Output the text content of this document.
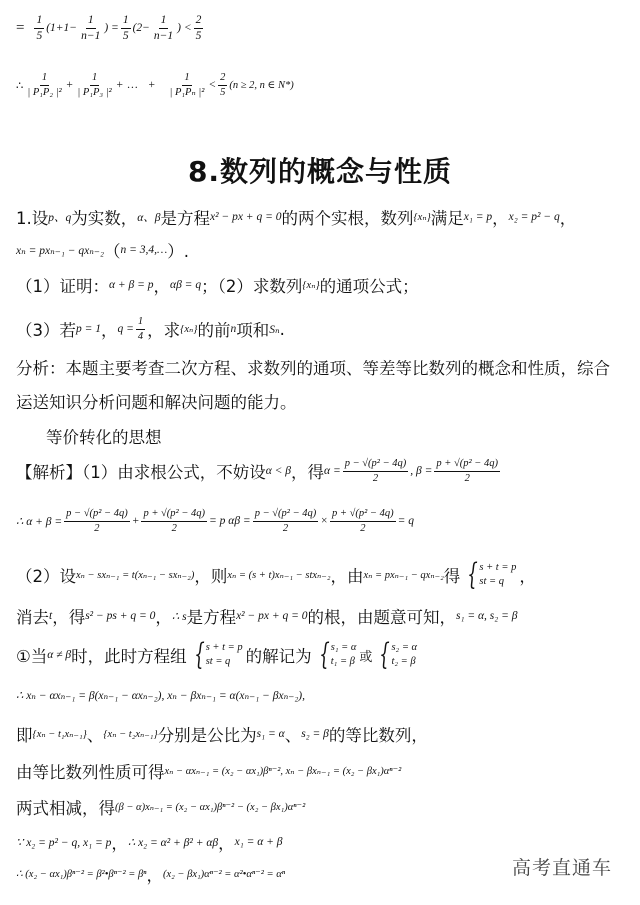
= $\frac{1}{5} (1+1- \frac{1}{n-1}$ ) = $\frac{1}{5} (2- \frac{1}{n-1}$ ) < $\frac{2}{5}$
∴ $\frac{1}{\text{| P₁P₂ |²}} + \frac{1}{\text{| P₁P₃ |²}}$ + … + $\frac{1}{\text{| P₁Pₙ |²}} < \frac{2}{5} (n \ge 2$, n ∈ N*)
8.数列的概念与性质
1.设 p、q 为实数， α、β 是方程 x² − px + q = 0 的两个实根，数列 {xₙ} 满足 x₁ = p ， x₂ = p² − q ，
xₙ = pxₙ₋₁ − qxₙ₋₂ （ n = 3,4,… ）.
（1）证明： α + β = p ， αβ = q ；（2）求数列 {xₙ} 的通项公式；
（3）若 p = 1 ， $q = \frac{1}{4}$ ，求 {xₙ} 的前 n 项和 Sₙ .
分析：本题主要考查二次方程、求数列的通项、等差等比数列的概念和性质，综合
运送知识分析问题和解决问题的能力。
等价转化的思想
【解析】（1）由求根公式，不妨设 α < β ，得 $\alpha = \frac{\text{p − √(p² − 4q)}}{2}$ , $\beta = \frac{\text{p + √(p² − 4q)}}{2}$
∴ $\alpha + \beta = \frac{\text{p − √(p² − 4q)}}{2} + \frac{\text{p + √(p² − 4q)}}{2} = p$ $\alpha\beta = \frac{\text{p − √(p² − 4q)}}{2} \times \frac{\text{p + √(p² − 4q)}}{2} = q$
（2）设 xₙ − sxₙ₋₁ = t(xₙ₋₁ − sxₙ₋₂) ，则 xₙ = (s + t)xₙ₋₁ − stxₙ₋₂ ，由 xₙ = pxₙ₋₁ − qxₙ₋₂ 得 { s + t = p
st = q ，
消去 t ，得 s² − ps + q = 0 ， ∴ s 是方程 x² − px + q = 0 的根，由题意可知， s₁ = α, s₂ = β
①当 α ≠ β 时，此时方程组 { s + t = p
st = q 的解记为 { s₁ = α
t₁ = β 或 { s₂ = α
t₂ = β
∴ xₙ − αxₙ₋₁ = β(xₙ₋₁ − αxₙ₋₂), xₙ − βxₙ₋₁ = α(xₙ₋₁ − βxₙ₋₂),
即 {xₙ − t₁xₙ₋₁} 、 {xₙ − t₂xₙ₋₁} 分别是公比为 s₁ = α 、 s₂ = β 的等比数列，
由等比数列性质可得 xₙ − αxₙ₋₁ = (x₂ − αx₁)βⁿ⁻², xₙ − βxₙ₋₁ = (x₂ − βx₁)αⁿ⁻²
两式相减，得 (β − α)xₙ₋₁ = (x₂ − αx₁)βⁿ⁻² − (x₂ − βx₁)αⁿ⁻²
∵ x₂ = p² − q, x₁ = p ， ∴ x₂ = α² + β² + αβ ， x₁ = α + β
∴ (x₂ − αx₁)βⁿ⁻² = β²•βⁿ⁻² = βⁿ ， (x₂ − βx₁)αⁿ⁻² = α²•αⁿ⁻² = αⁿ	高考直通车
